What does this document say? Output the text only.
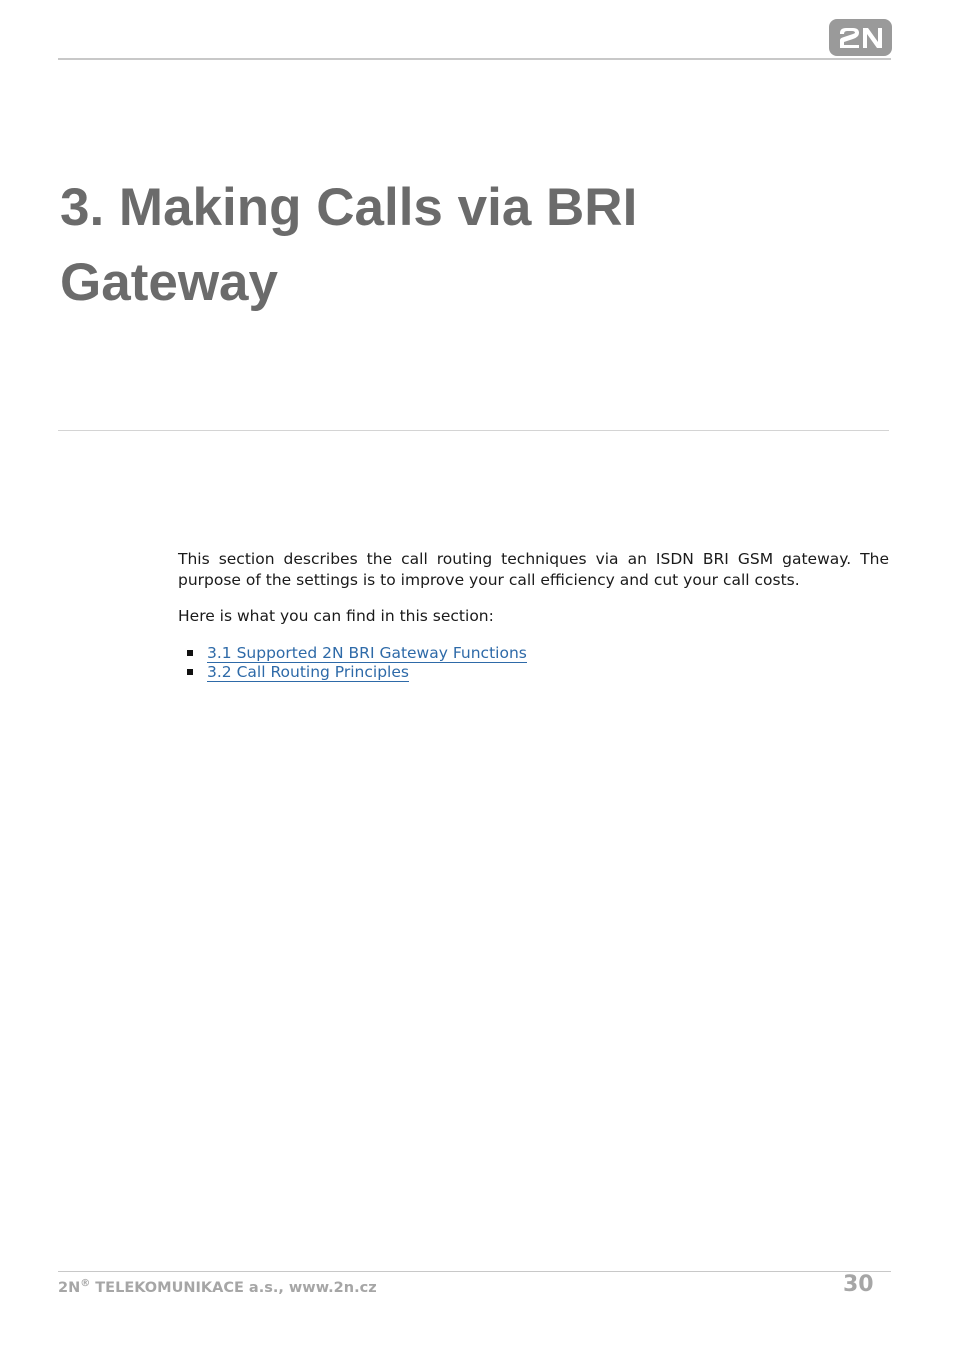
3. Making Calls via BRI
Gateway

This section describes the call routing techniques via an ISDN BRI GSM gateway. The purpose of the settings is to improve your call efficiency and cut your call costs.

Here is what you can find in this section:

3.1 Supported 2N BRI Gateway Functions
3.2 Call Routing Principles
2N® TELEKOMUNIKACE a.s., www.2n.cz	30
